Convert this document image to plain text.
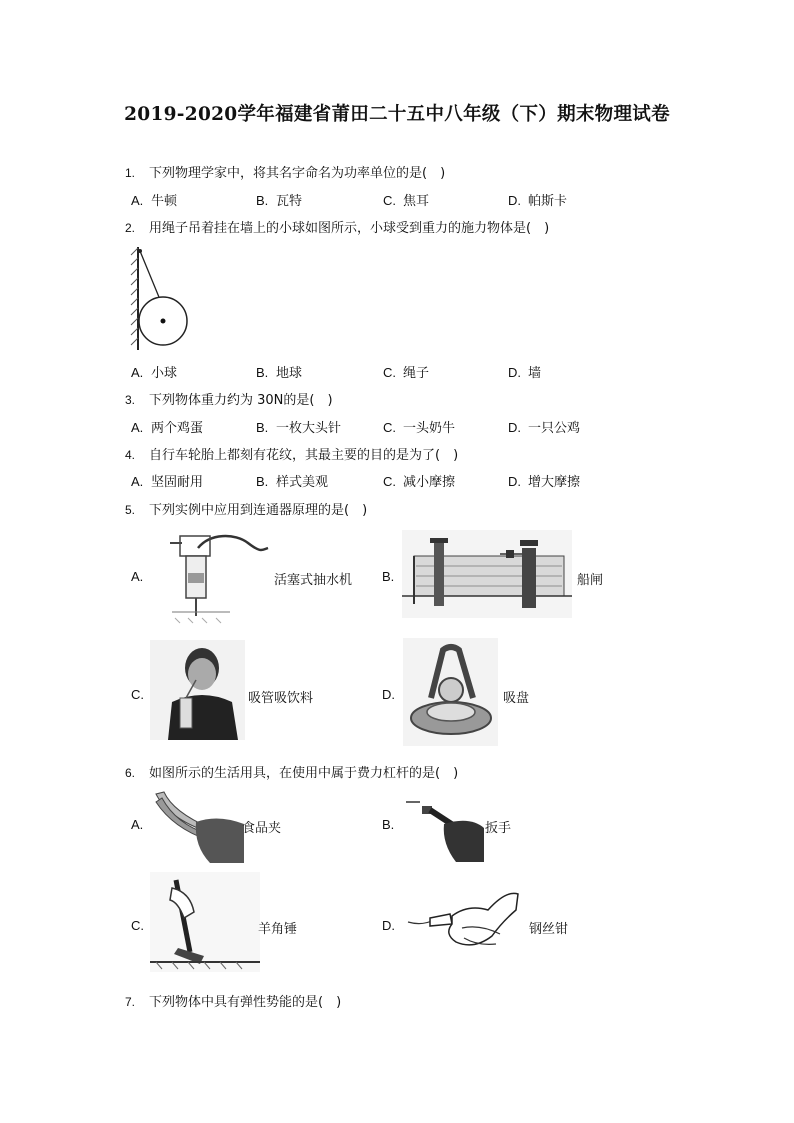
2019-2020学年福建省莆田二十五中八年级（下）期末物理试卷
1. 下列物理学家中，将其名字命名为功率单位的是(　)
A. 牛顿	B. 瓦特	C. 焦耳	D. 帕斯卡
2. 用绳子吊着挂在墙上的小球如图所示，小球受到重力的施力物体是(　)
A. 小球	B. 地球	C. 绳子	D. 墙
3. 下列物体重力约为 30N的是(　)
A. 两个鸡蛋	B. 一枚大头针	C. 一头奶牛	D. 一只公鸡
4. 自行车轮胎上都刻有花纹，其最主要的目的是为了(　)
A. 坚固耐用	B. 样式美观	C. 减小摩擦	D. 增大摩擦
5. 下列实例中应用到连通器原理的是(　)
A.	活塞式抽水机 B.	船闸
C.	吸管吸饮料	D.	吸盘
6. 如图所示的生活用具，在使用中属于费力杠杆的是(　)
A.	食品夹	B.	扳手
C.	羊角锤	D.	钢丝钳
7. 下列物体中具有弹性势能的是(　)
